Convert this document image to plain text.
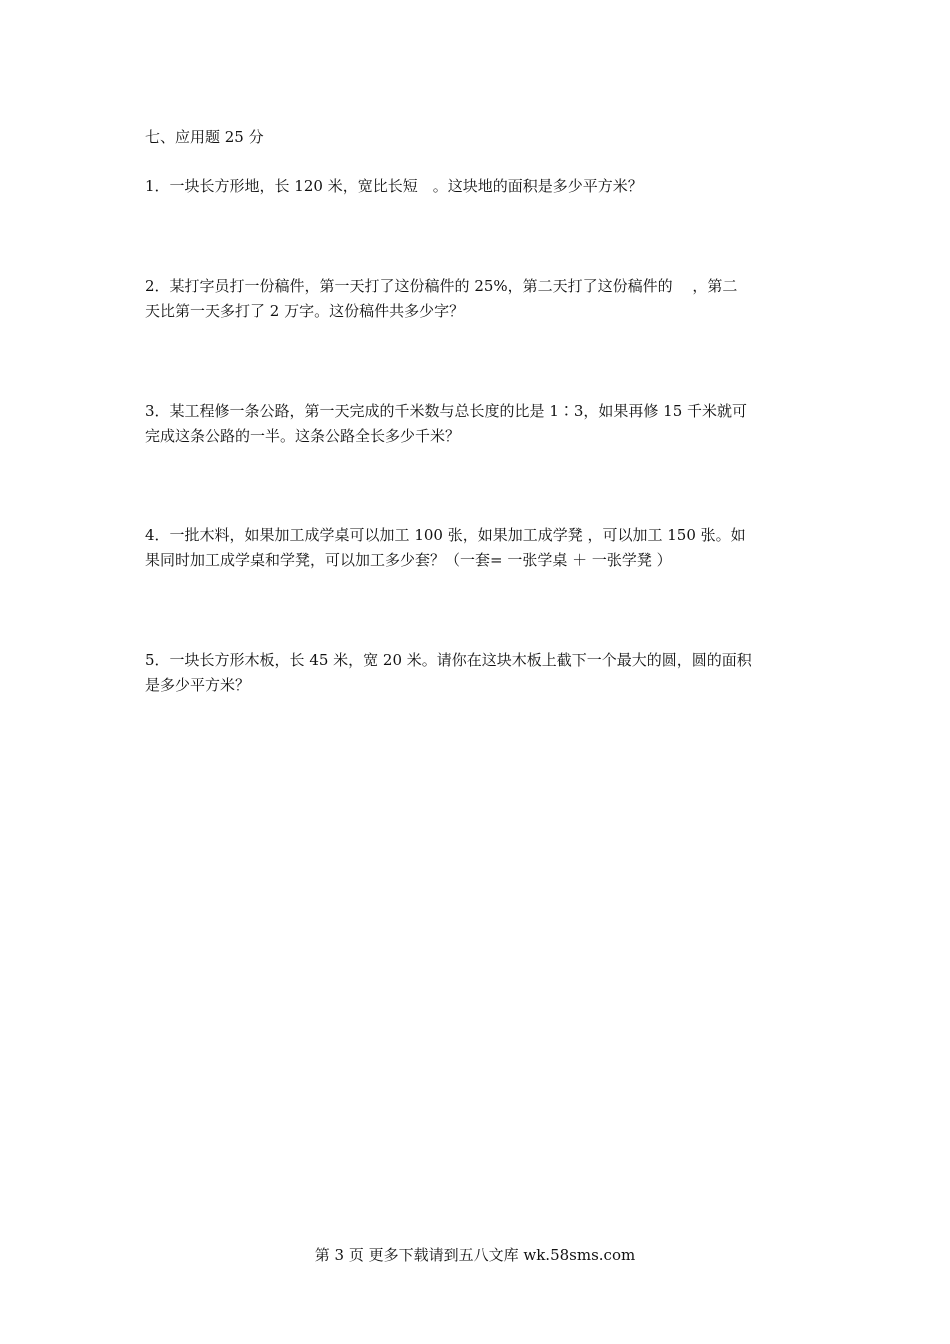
七、应用题 25 分
1．一块长方形地，长 120 米，宽比长短　。这块地的面积是多少平方米？
2．某打字员打一份稿件，第一天打了这份稿件的 25%，第二天打了这份稿件的　 ，第二
天比第一天多打了 2 万字。这份稿件共多少字？
3．某工程修一条公路，第一天完成的千米数与总长度的比是 1∶3，如果再修 15 千米就可
完成这条公路的一半。这条公路全长多少千米？
4．一批木料，如果加工成学桌可以加工 100 张，如果加工成学凳 ，可以加工 150 张。如
果同时加工成学桌和学凳，可以加工多少套？（一套= 一张学桌 ＋ 一张学凳 ）
5．一块长方形木板，长 45 米，宽 20 米。请你在这块木板上截下一个最大的圆，圆的面积
是多少平方米？
第 3 页 更多下载请到五八文库 wk.58sms.com
